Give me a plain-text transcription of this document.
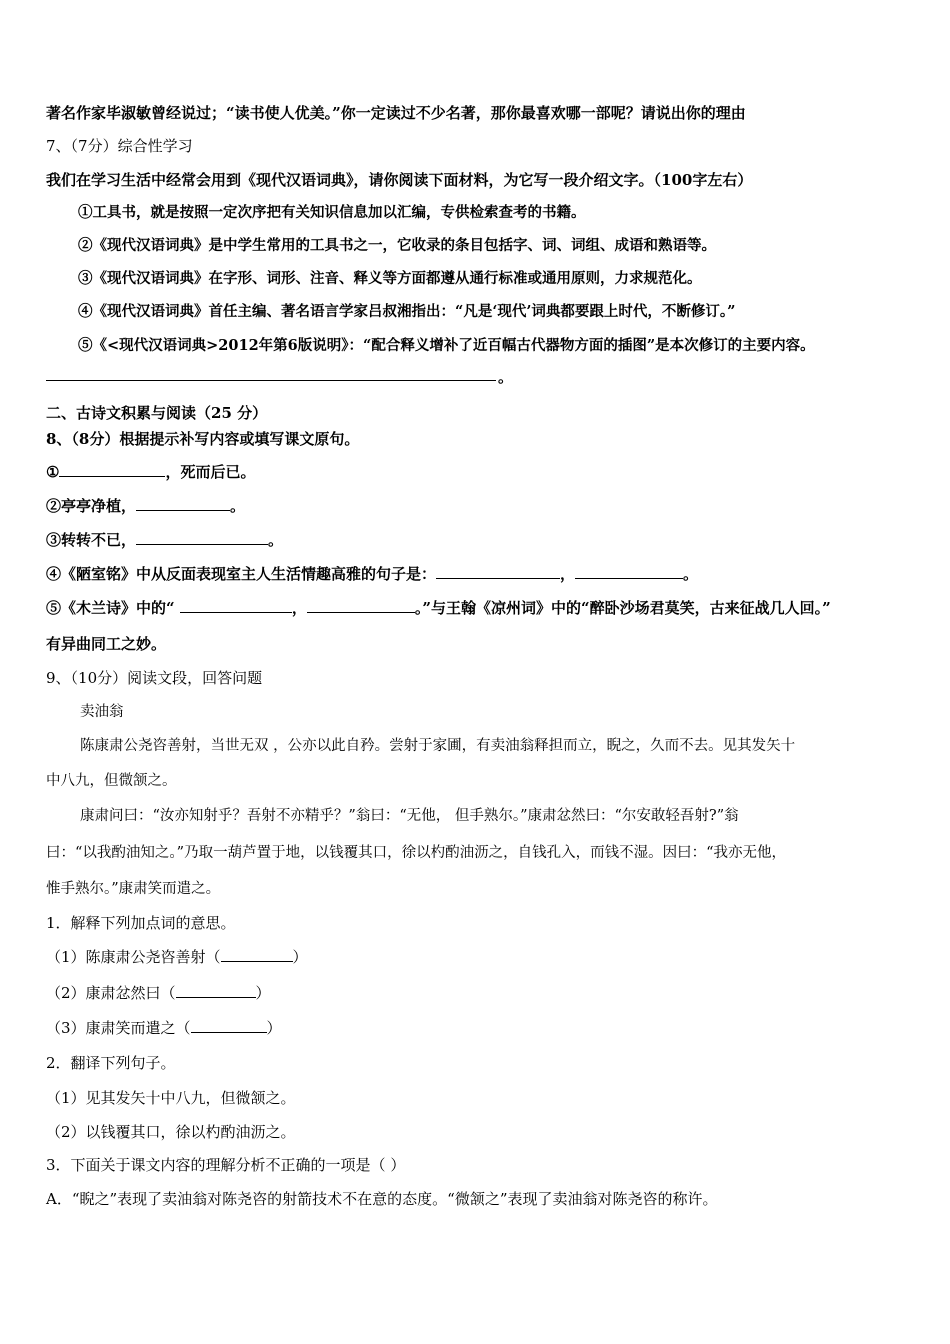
著名作家毕淑敏曾经说过；“读书使人优美。”你一定读过不少名著，那你最喜欢哪一部呢？请说出你的理由
7、（7分）综合性学习
我们在学习生活中经常会用到《现代汉语词典》，请你阅读下面材料，为它写一段介绍文字。（100字左右）
①工具书，就是按照一定次序把有关知识信息加以汇编，专供检索查考的书籍。
②《现代汉语词典》是中学生常用的工具书之一，它收录的条目包括字、词、词组、成语和熟语等。
③《现代汉语词典》在字形、词形、注音、释义等方面都遵从通行标准或通用原则，力求规范化。
④《现代汉语词典》首任主编、著名语言学家吕叔湘指出：“凡是‘现代’词典都要跟上时代，不断修订。”
⑤《<现代汉语词典>2012年第6版说明》：“配合释义增补了近百幅古代器物方面的插图”是本次修订的主要内容。
。
二、古诗文积累与阅读（25 分）
8、（8分）根据提示补写内容或填写课文原句。
①	，死而后已。
②亭亭净植，	。
③转转不已，	。
④《陋室铭》中从反面表现室主人生活情趣高雅的句子是：	，	。
⑤《木兰诗》中的“	，	。”与王翰《凉州词》中的“醉卧沙场君莫笑，古来征战几人回。”
有异曲同工之妙。
9、（10分）阅读文段，回答问题
卖油翁
陈康肃公尧咨善射，当世无双 ，公亦以此自矜。尝射于家圃，有卖油翁释担而立，睨之，久而不去。见其发矢十
中八九，但微颔之。
康肃问曰：“汝亦知射乎？吾射不亦精乎？”翁曰：“无他， 但手熟尔。”康肃忿然曰：“尔安敢轻吾射?”翁
曰：“以我酌油知之。”乃取一葫芦置于地，以钱覆其口，徐以杓酌油沥之，自钱孔入，而钱不湿。因曰：“我亦无他，
惟手熟尔。”康肃笑而遣之。
1．解释下列加点词的意思。
（1）陈康肃公尧咨善射（	）
（2）康肃忿然曰（	）
（3）康肃笑而遣之（	）
2．翻译下列句子。
（1）见其发矢十中八九，但微颔之。
（2）以钱覆其口，徐以杓酌油沥之。
3．下面关于课文内容的理解分析不正确的一项是（ ）
A．“睨之”表现了卖油翁对陈尧咨的射箭技术不在意的态度。“微颔之”表现了卖油翁对陈尧咨的称许。
